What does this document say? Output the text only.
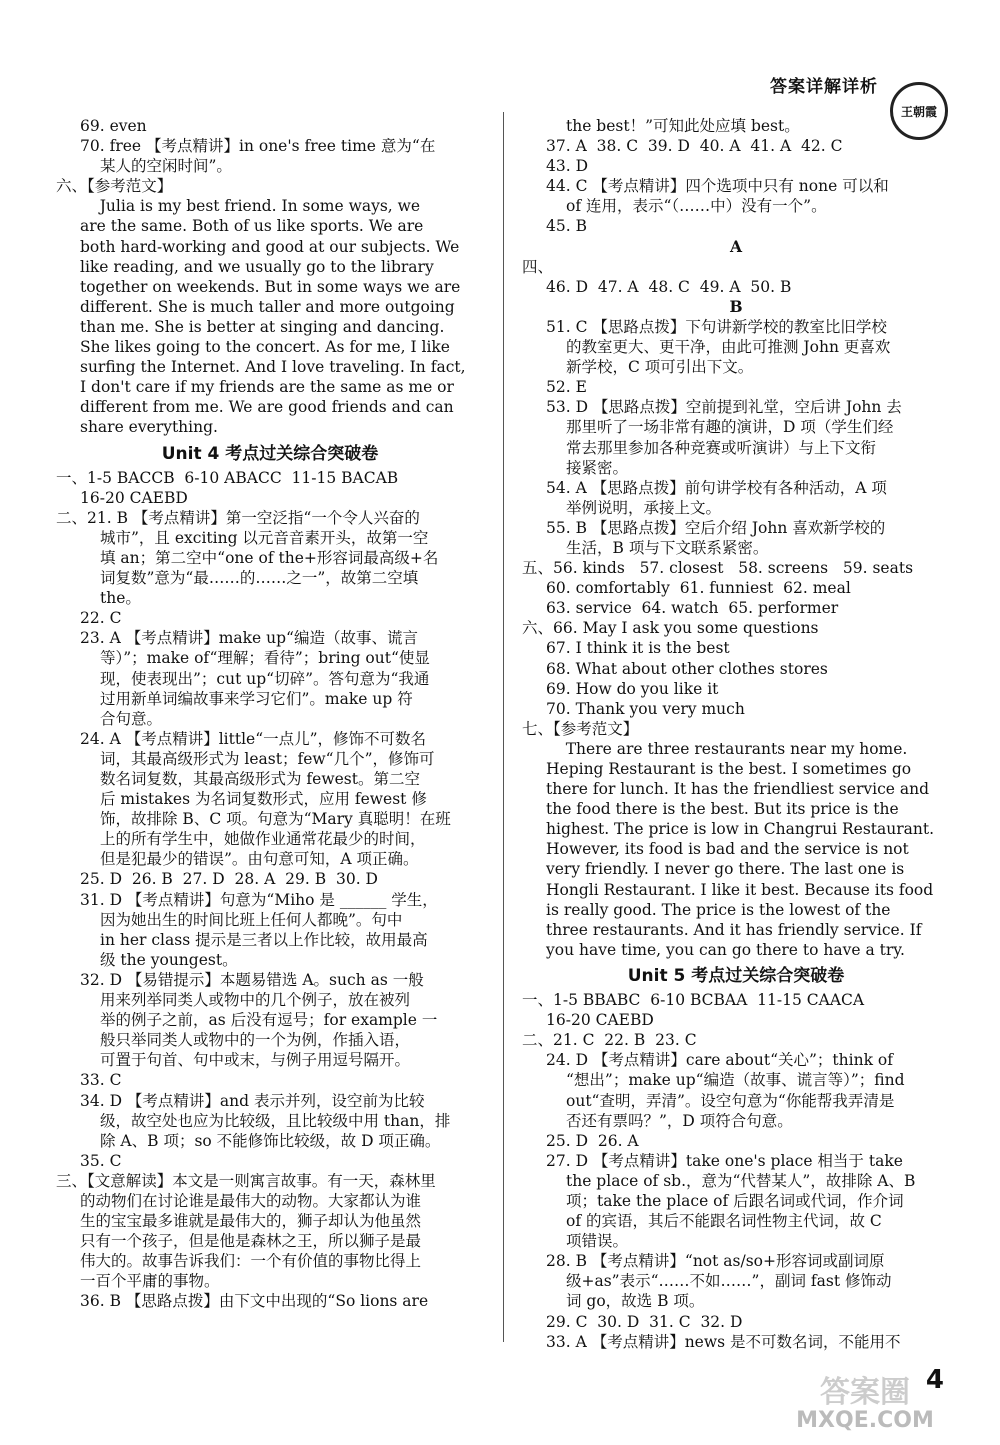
答案详解详析
王朝霞
69. even
70. free 【考点精讲】in one's free time 意为“在
某人的空闲时间”。
六、【参考范文】
Julia is my best friend. In some ways, we
are the same. Both of us like sports. We are
both hard-working and good at our subjects. We
like reading, and we usually go to the library
together on weekends. But in some ways we are
different. She is much taller and more outgoing
than me. She is better at singing and dancing.
She likes going to the concert. As for me, I like
surfing the Internet. And I love traveling. In fact,
I don't care if my friends are the same as me or
different from me. We are good friends and can
share everything.
Unit 4 考点过关综合突破卷
一、1-5 BACCB  6-10 ABACC  11-15 BACAB
16-20 CAEBD
二、21. B 【考点精讲】第一空泛指“一个令人兴奋的
城市”，且 exciting 以元音音素开头，故第一空
填 an；第二空中“one of the+形容词最高级+名
词复数”意为“最……的……之一”，故第二空填
the。
22. C
23. A 【考点精讲】make up“编造（故事、谎言
等）”；make of“理解；看待”；bring out“使显
现，使表现出”；cut up“切碎”。答句意为“我通
过用新单词编故事来学习它们”。make up 符
合句意。
24. A 【考点精讲】little“一点儿”，修饰不可数名
词，其最高级形式为 least；few“几个”，修饰可
数名词复数，其最高级形式为 fewest。第二空
后 mistakes 为名词复数形式，应用 fewest 修
饰，故排除 B、C 项。句意为“Mary 真聪明！在班
上的所有学生中，她做作业通常花最少的时间，
但是犯最少的错误”。由句意可知，A 项正确。
25. D  26. B  27. D  28. A  29. B  30. D
31. D 【考点精讲】句意为“Miho 是 ______ 学生，
因为她出生的时间比班上任何人都晚”。句中
in her class 提示是三者以上作比较，故用最高
级 the youngest。
32. D 【易错提示】本题易错选 A。such as 一般
用来列举同类人或物中的几个例子，放在被列
举的例子之前，as 后没有逗号；for example 一
般只举同类人或物中的一个为例，作插入语，
可置于句首、句中或末，与例子用逗号隔开。
33. C
34. D 【考点精讲】and 表示并列，设空前为比较
级，故空处也应为比较级，且比较级中用 than，排
除 A、B 项；so 不能修饰比较级，故 D 项正确。
35. C
三、【文意解读】本文是一则寓言故事。有一天，森林里
的动物们在讨论谁是最伟大的动物。大家都认为谁
生的宝宝最多谁就是最伟大的，狮子却认为他虽然
只有一个孩子，但是他是森林之王，所以狮子是最
伟大的。故事告诉我们：一个有价值的事物比得上
一百个平庸的事物。
36. B 【思路点拨】由下文中出现的“So lions are
the best！”可知此处应填 best。
37. A  38. C  39. D  40. A  41. A  42. C
43. D
44. C 【考点精讲】四个选项中只有 none 可以和
of 连用，表示“（……中）没有一个”。
45. B
A
四、
46. D  47. A  48. C  49. A  50. B
B
51. C 【思路点拨】下句讲新学校的教室比旧学校
的教室更大、更干净，由此可推测 John 更喜欢
新学校，C 项可引出下文。
52. E
53. D 【思路点拨】空前提到礼堂，空后讲 John 去
那里听了一场非常有趣的演讲，D 项（学生们经
常去那里参加各种竞赛或听演讲）与上下文衔
接紧密。
54. A 【思路点拨】前句讲学校有各种活动，A 项
举例说明，承接上文。
55. B 【思路点拨】空后介绍 John 喜欢新学校的
生活，B 项与下文联系紧密。
五、56. kinds   57. closest   58. screens   59. seats
60. comfortably  61. funniest  62. meal
63. service  64. watch  65. performer
六、66. May I ask you some questions
67. I think it is the best
68. What about other clothes stores
69. How do you like it
70. Thank you very much
七、【参考范文】
There are three restaurants near my home.
Heping Restaurant is the best. I sometimes go
there for lunch. It has the friendliest service and
the food there is the best. But its price is the
highest. The price is low in Changrui Restaurant.
However, its food is bad and the service is not
very friendly. I never go there. The last one is
Hongli Restaurant. I like it best. Because its food
is really good. The price is the lowest of the
three restaurants. And it has friendly service. If
you have time, you can go there to have a try.
Unit 5 考点过关综合突破卷
一、1-5 BBABC  6-10 BCBAA  11-15 CAACA
16-20 CAEBD
二、21. C  22. B  23. C
24. D 【考点精讲】care about“关心”；think of
“想出”；make up“编造（故事、谎言等）”；find
out“查明，弄清”。设空句意为“你能帮我弄清是
否还有票吗？”，D 项符合句意。
25. D  26. A
27. D 【考点精讲】take one's place 相当于 take
the place of sb.，意为“代替某人”，故排除 A、B
项；take the place of 后跟名词或代词，作介词
of 的宾语，其后不能跟名词性物主代词，故 C
项错误。
28. B 【考点精讲】“not as/so+形容词或副词原
级+as”表示“……不如……”，副词 fast 修饰动
词 go，故选 B 项。
29. C  30. D  31. C  32. D
33. A 【考点精讲】news 是不可数名词，不能用不
4
答案圈
MXQE.COM
